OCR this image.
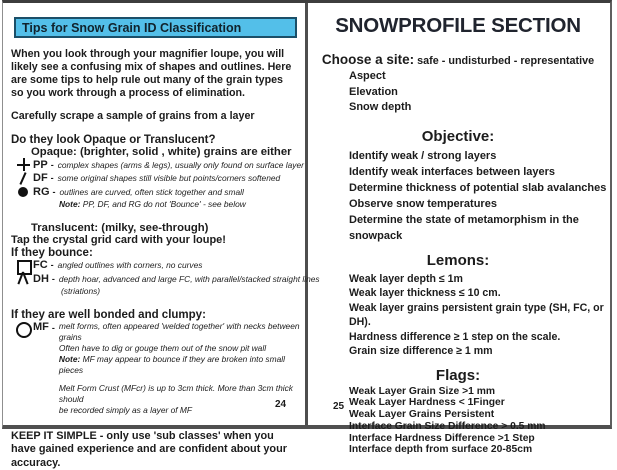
Tips for Snow Grain ID Classification
When you look through your magnifier loupe, you will likely see a confusing mix of shapes and outlines. Here are some tips to help rule out many of the grain types so you work through a process of elimination.
Carefully scrape a sample of grains from a layer
Do they look Opaque or Translucent?
Opaque: (brighter, solid , white) grains are either
PP - complex shapes (arms & legs), usually only found on surface layer
DF - some original shapes still visible but points/corners softened
RG - outlines are curved, often stick together and small
Note: PP, DF, and RG do not 'Bounce' - see below
Translucent: (milky, see-through)
Tap the crystal grid card with your loupe!
If they bounce:
FC - angled outlines with corners, no curves
DH - depth hoar, advanced and large FC, with parallel/stacked straight lines
(striations)
If they are well bonded and clumpy:
MF - melt forms, often appeared 'welded together' with necks between grains
Often have to dig or gouge them out of the snow pit wall
Note: MF may appear to bounce if they are broken into small pieces
Melt Form Crust (MFcr) is up to 3cm thick. More than 3cm thick should
be recorded simply as a layer of MF
KEEP IT SIMPLE - only use 'sub classes' when you have gained experience and are confident about your accuracy.
24
SNOWPROFILE SECTION
Choose a site: safe - undisturbed - representative
Aspect
Elevation
Snow depth
Objective:
Identify weak / strong layers
Identify weak interfaces between layers
Determine thickness of potential slab avalanches
Observe snow temperatures
Determine the state of metamorphism in the snowpack
Lemons:
Weak layer depth ≤ 1m
Weak layer thickness ≤ 10 cm.
Weak layer grains persistent grain type (SH, FC, or DH).
Hardness difference ≥ 1 step on the scale.
Grain size difference ≥ 1 mm
Flags:
Weak Layer Grain Size >1 mm
Weak Layer Hardness < 1Finger
Weak Layer Grains Persistent
Interface Grain Size Difference > 0.5 mm
Interface Hardness Difference >1 Step
Interface depth from surface 20-85cm
25
